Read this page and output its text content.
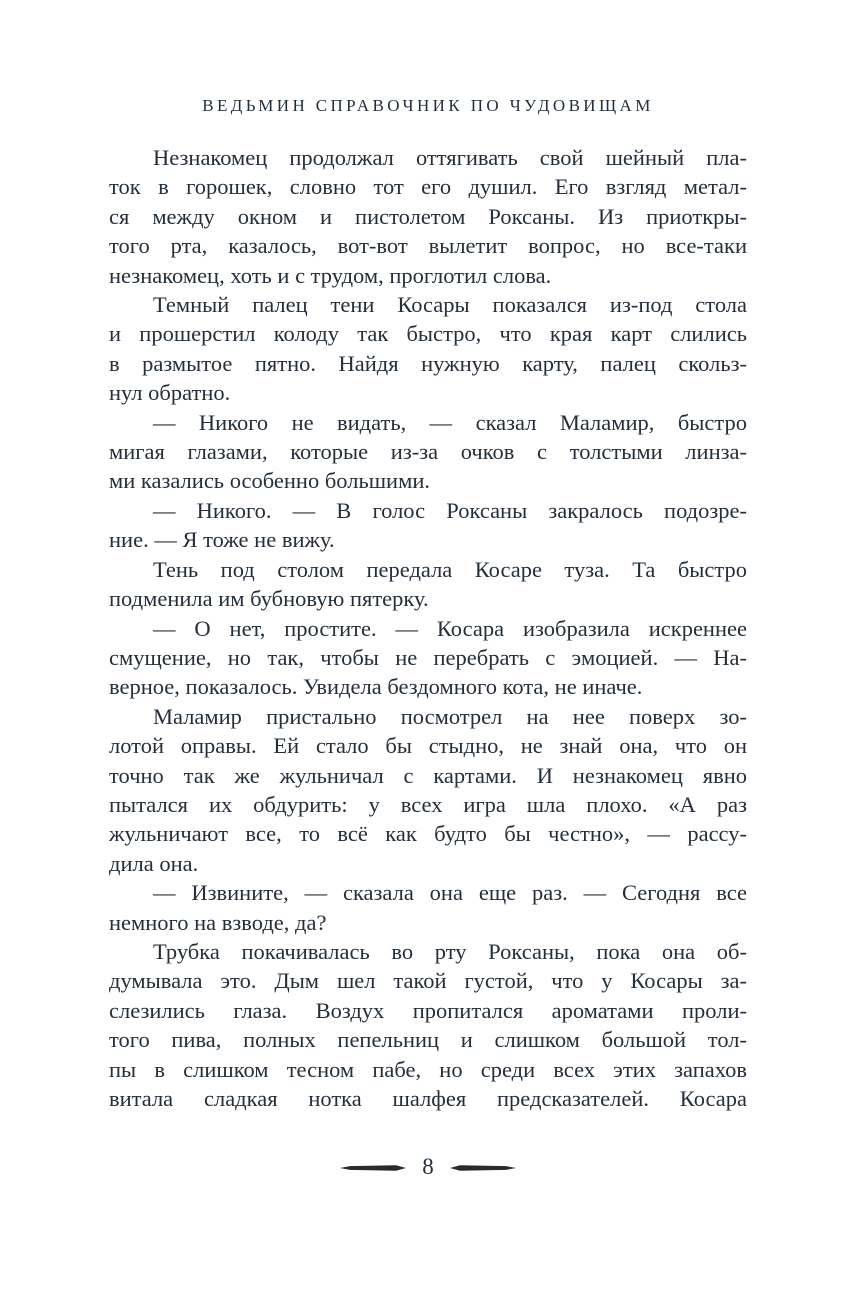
ВЕДЬМИН СПРАВОЧНИК ПО ЧУДОВИЩАМ
Незнакомец продолжал оттягивать свой шейный пла-
ток в горошек, словно тот его душил. Его взгляд метал-
ся между окном и пистолетом Роксаны. Из приоткры-
того рта, казалось, вот-вот вылетит вопрос, но все-таки
незнакомец, хоть и с трудом, проглотил слова.
Темный палец тени Косары показался из-под стола
и прошерстил колоду так быстро, что края карт слились
в размытое пятно. Найдя нужную карту, палец скольз-
нул обратно.
— Никого не видать, — сказал Маламир, быстро
мигая глазами, которые из-за очков с толстыми линза-
ми казались особенно большими.
— Никого. — В голос Роксаны закралось подозре-
ние. — Я тоже не вижу.
Тень под столом передала Косаре туза. Та быстро
подменила им бубновую пятерку.
— О нет, простите. — Косара изобразила искреннее
смущение, но так, чтобы не перебрать с эмоцией. — На-
верное, показалось. Увидела бездомного кота, не иначе.
Маламир пристально посмотрел на нее поверх зо-
лотой оправы. Ей стало бы стыдно, не знай она, что он
точно так же жульничал с картами. И незнакомец явно
пытался их обдурить: у всех игра шла плохо. «А раз
жульничают все, то всё как будто бы честно», — рассу-
дила она.
— Извините, — сказала она еще раз. — Сегодня все
немного на взводе, да?
Трубка покачивалась во рту Роксаны, пока она об-
думывала это. Дым шел такой густой, что у Косары за-
слезились глаза. Воздух пропитался ароматами проли-
того пива, полных пепельниц и слишком большой тол-
пы в слишком тесном пабе, но среди всех этих запахов
витала сладкая нотка шалфея предсказателей. Косара
8
